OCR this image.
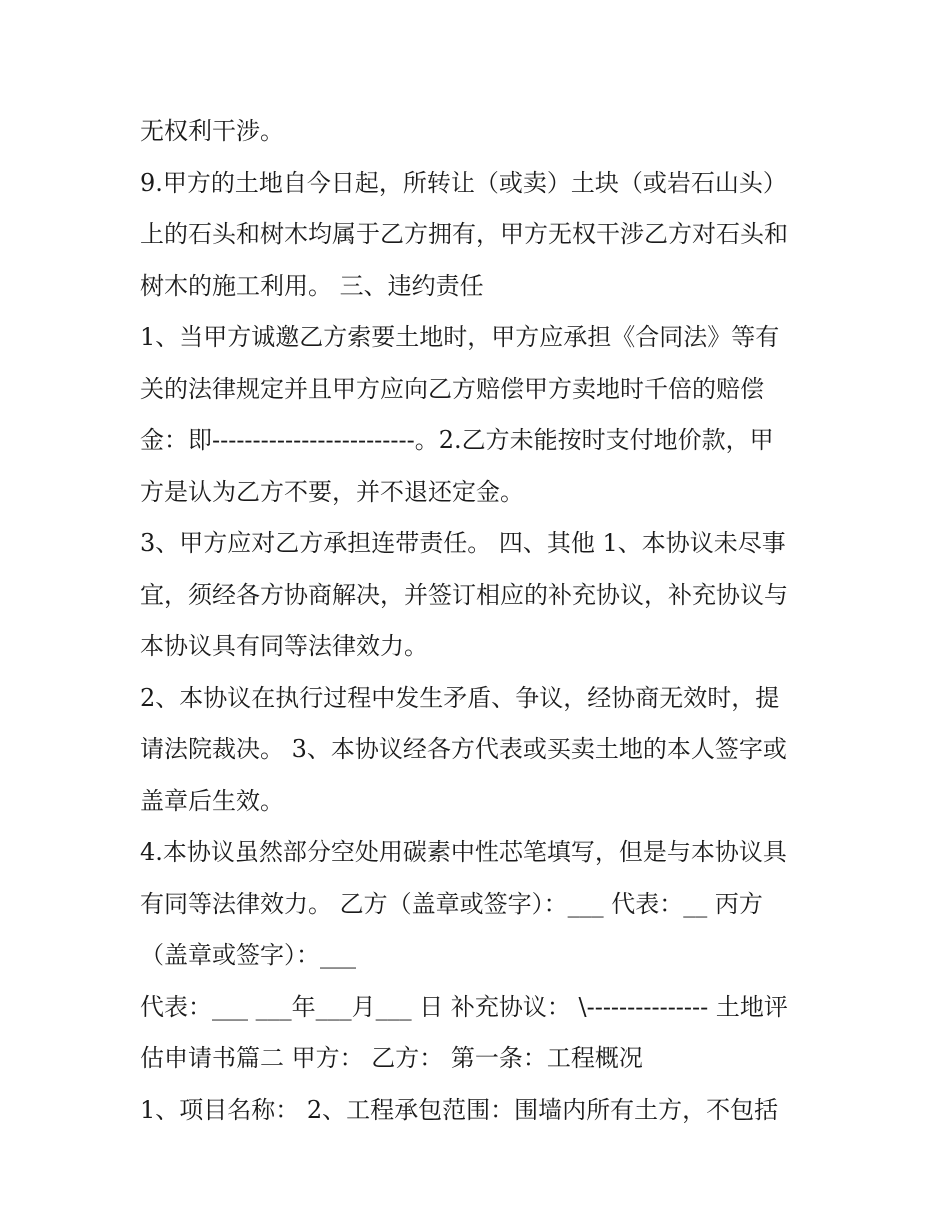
无权利干涉。
9.甲方的土地自今日起，所转让（或卖）土块（或岩石山头）
上的石头和树木均属于乙方拥有，甲方无权干涉乙方对石头和
树木的施工利用。 三、违约责任
1、当甲方诚邀乙方索要土地时，甲方应承担《合同法》等有
关的法律规定并且甲方应向乙方赔偿甲方卖地时千倍的赔偿
金：即-------------------------。2.乙方未能按时支付地价款，甲
方是认为乙方不要，并不退还定金。
3、甲方应对乙方承担连带责任。 四、其他 1、本协议未尽事
宜，须经各方协商解决，并签订相应的补充协议，补充协议与
本协议具有同等法律效力。
2、本协议在执行过程中发生矛盾、争议，经协商无效时，提
请法院裁决。 3、本协议经各方代表或买卖土地的本人签字或
盖章后生效。
4.本协议虽然部分空处用碳素中性芯笔填写，但是与本协议具
有同等法律效力。 乙方（盖章或签字）：___ 代表：__ 丙方
（盖章或签字）：___
代表：___ ___年___月___ 日 补充协议： \--------------- 土地评
估申请书篇二 甲方： 乙方： 第一条：工程概况
1、项目名称： 2、工程承包范围：围墙内所有土方，不包括
